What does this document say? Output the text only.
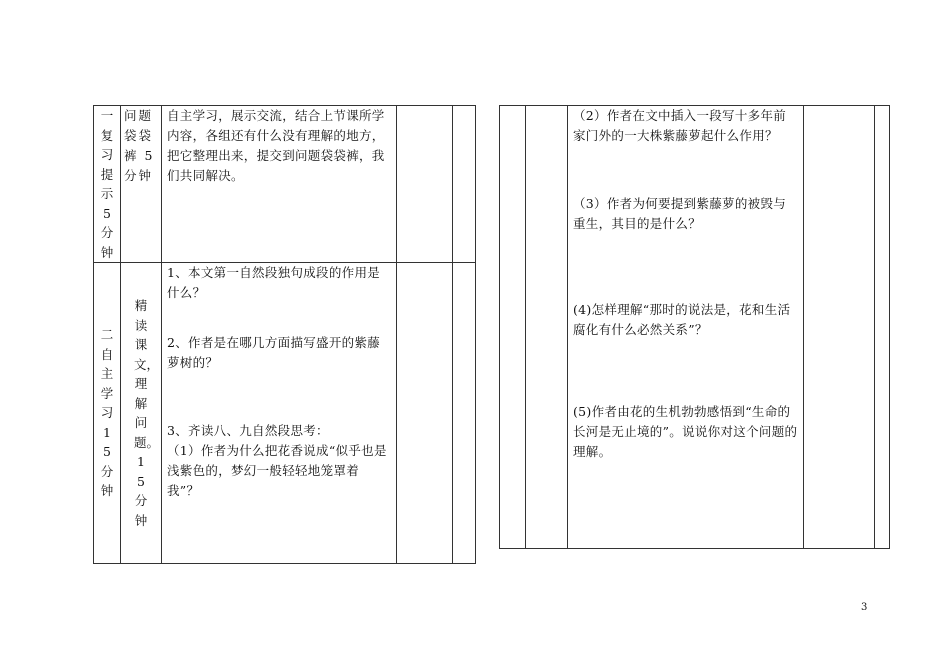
一复习提示5分钟	问题袋袋裤 5分钟	自主学习，展示交流，结合上节课所学内容，各组还有什么没有理解的地方，把它整理出来，提交到问题袋袋裤，我们共同解决。		

二自主学习15分钟	精读课文，理解问题。15分钟	1、本文第一自然段独句成段的作用是什么？
2、作者是在哪几方面描写盛开的紫藤萝树的？
3、齐读八、九自然段思考：
（1）作者为什么把花香说成“似乎也是浅紫色的，梦幻一般轻轻地笼罩着我”？		

（2）作者在文中插入一段写十多年前家门外的一大株紫藤萝起什么作用？
（3）作者为何要提到紫藤萝的被毁与重生，其目的是什么？
(4)怎样理解“那时的说法是，花和生活腐化有什么必然关系”？
(5)作者由花的生机勃勃感悟到“生命的长河是无止境的”。说说你对这个问题的理解。

3
